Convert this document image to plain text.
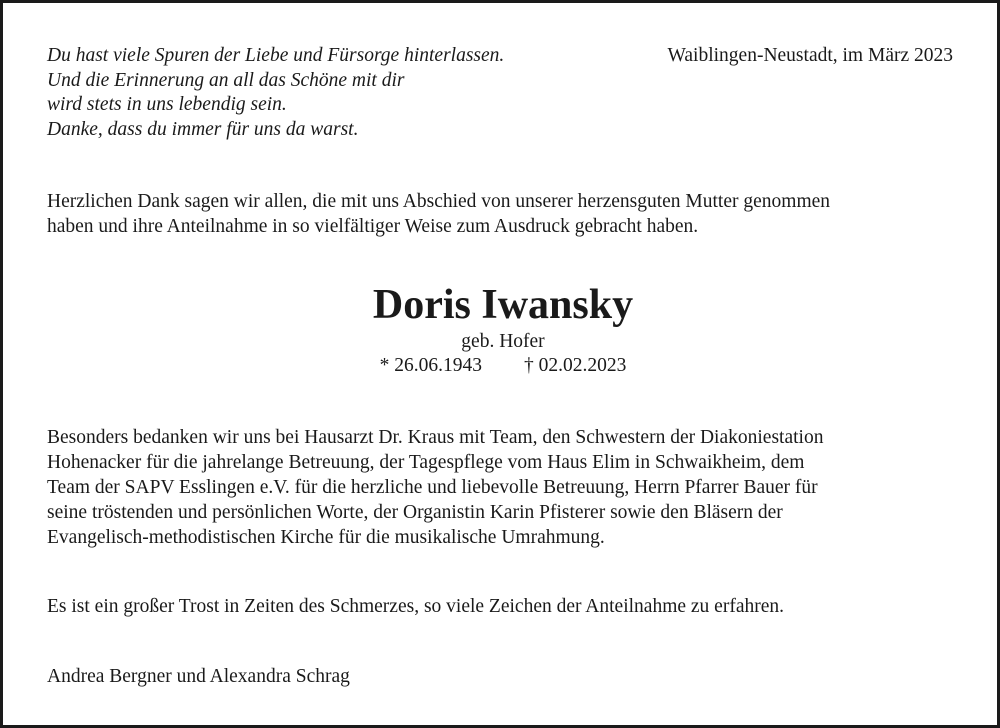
Du hast viele Spuren der Liebe und Fürsorge hinterlassen.
Und die Erinnerung an all das Schöne mit dir
wird stets in uns lebendig sein.
Danke, dass du immer für uns da warst.
Waiblingen-Neustadt, im März 2023
Herzlichen Dank sagen wir allen, die mit uns Abschied von unserer herzensguten Mutter genommen
haben und ihre Anteilnahme in so vielfältiger Weise zum Ausdruck gebracht haben.
Doris Iwansky
geb. Hofer
* 26.06.1943 † 02.02.2023
Besonders bedanken wir uns bei Hausarzt Dr. Kraus mit Team, den Schwestern der Diakoniestation
Hohenacker für die jahrelange Betreuung, der Tagespflege vom Haus Elim in Schwaikheim, dem
Team der SAPV Esslingen e.V. für die herzliche und liebevolle Betreuung, Herrn Pfarrer Bauer für
seine tröstenden und persönlichen Worte, der Organistin Karin Pfisterer sowie den Bläsern der
Evangelisch-methodistischen Kirche für die musikalische Umrahmung.
Es ist ein großer Trost in Zeiten des Schmerzes, so viele Zeichen der Anteilnahme zu erfahren.
Andrea Bergner und Alexandra Schrag
